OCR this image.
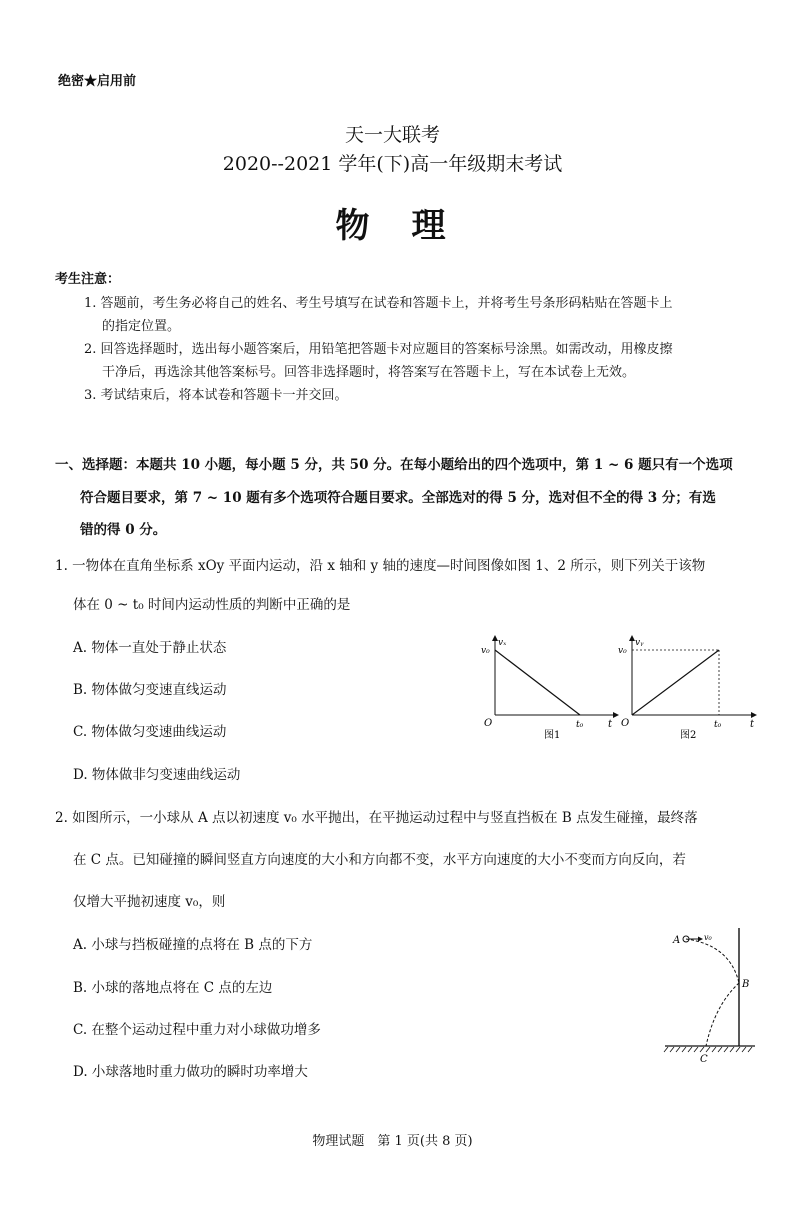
绝密★启用前
天一大联考
2020--2021 学年(下)高一年级期末考试
物　理
考生注意：
1. 答题前，考生务必将自己的姓名、考生号填写在试卷和答题卡上，并将考生号条形码粘贴在答题卡上
的指定位置。
2. 回答选择题时，选出每小题答案后，用铅笔把答题卡对应题目的答案标号涂黑。如需改动，用橡皮擦
干净后，再选涂其他答案标号。回答非选择题时，将答案写在答题卡上，写在本试卷上无效。
3. 考试结束后，将本试卷和答题卡一并交回。
一、选择题：本题共 10 小题，每小题 5 分，共 50 分。在每小题给出的四个选项中，第 1 ~ 6 题只有一个选项
符合题目要求，第 7 ~ 10 题有多个选项符合题目要求。全部选对的得 5 分，选对但不全的得 3 分；有选
错的得 0 分。
1. 一物体在直角坐标系 xOy 平面内运动，沿 x 轴和 y 轴的速度—时间图像如图 1、2 所示，则下列关于该物
体在 0 ~ t₀ 时间内运动性质的判断中正确的是
A. 物体一直处于静止状态
B. 物体做匀变速直线运动
C. 物体做匀变速曲线运动
D. 物体做非匀变速曲线运动
vₓ
v₀
O	t₀ t
图1
vᵧ
v₀
O	t₀	t
图2
2. 如图所示，一小球从 A 点以初速度 v₀ 水平抛出，在平抛运动过程中与竖直挡板在 B 点发生碰撞，最终落
在 C 点。已知碰撞的瞬间竖直方向速度的大小和方向都不变，水平方向速度的大小不变而方向反向，若
仅增大平抛初速度 v₀，则
A. 小球与挡板碰撞的点将在 B 点的下方
B. 小球的落地点将在 C 点的左边
C. 在整个运动过程中重力对小球做功增多
D. 小球落地时重力做功的瞬时功率增大
A	v₀
B
C
物理试题　第 1 页(共 8 页)
